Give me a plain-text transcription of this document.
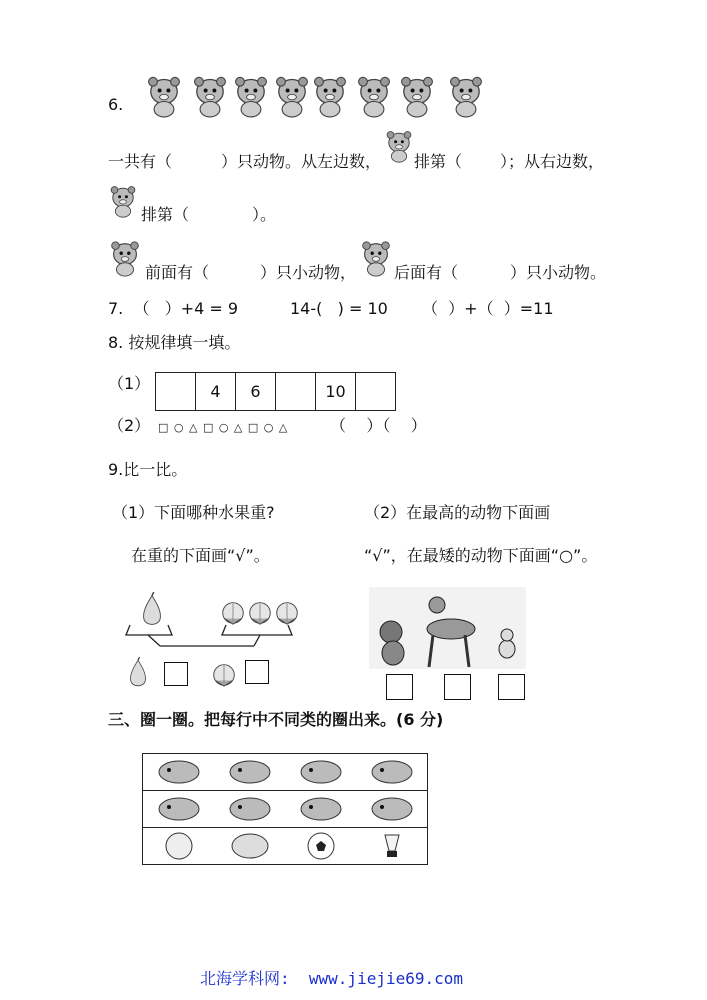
6.
一共有（	）只动物。从左边数， 排第（ ）；从右边数，
排第（	）。
前面有（	）只小动物， 后面有（	）只小动物。
7.  （   ）+4 = 9	14-(   ) = 10 （  ）+（  ）=11
8. 按规律填一填。
（1）	4	6	10
（2） □ ○ △ □ ○ △ □ ○ △	（    ）（    ）
9.比一比。
（1）下面哪种水果重?
在重的下面画“√”。
（2）在最高的动物下面画
“√”，在最矮的动物下面画“○”。
三、圈一圈。把每行中不同类的圈出来。(6 分)
北海学科网:  www.jiejie69.com
